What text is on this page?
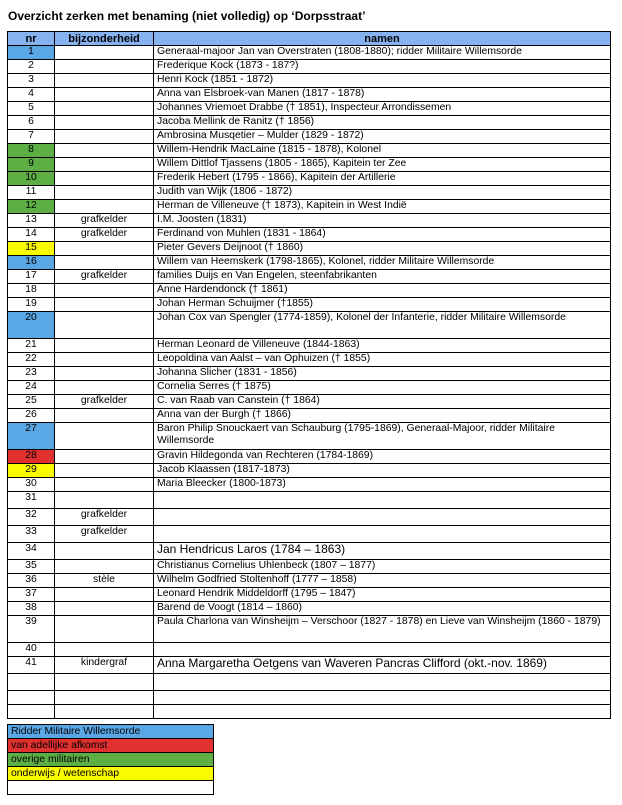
Overzicht zerken met benaming (niet volledig) op ‘Dorpsstraat’
nr	bijzonderheid	namen
1		Generaal-majoor Jan van Overstraten (1808-1880); ridder Militaire Willemsorde
2		Frederique Kock (1873 - 187?)
3		Henri Kock (1851 - 1872)
4		Anna van Elsbroek-van Manen (1817 - 1878)
5		Johannes Vriemoet Drabbe († 1851), Inspecteur Arrondissemen
6		Jacoba Mellink de Ranitz († 1856)
7		Ambrosina Musqetier – Mulder (1829 - 1872)
8		Willem-Hendrik MacLaine (1815 - 1878), Kolonel
9		Willem Dittlof Tjassens (1805 - 1865), Kapitein ter Zee
10		Frederik Hebert (1795 - 1866), Kapitein der Artillerie
11		Judith van Wijk (1806 - 1872)
12		Herman de Villeneuve († 1873), Kapitein in West Indië
13	grafkelder	I.M. Joosten (1831)
14	grafkelder	Ferdinand von Muhlen (1831 - 1864)
15		Pieter Gevers Deijnoot († 1860)
16		Willem van Heemskerk (1798-1865), Kolonel, ridder Militaire Willemsorde
17	grafkelder	families Duijs en Van Engelen, steenfabrikanten
18		Anne Hardendonck († 1861)
19		Johan Herman Schuijmer (†1855)
20		Johan Cox van Spengler (1774-1859), Kolonel der Infanterie, ridder Militaire Willemsorde
21		Herman Leonard de Villeneuve (1844-1863)
22		Leopoldina van Aalst – van Ophuizen († 1855)
23		Johanna Slicher (1831 - 1856)
24		Cornelia Serres († 1875)
25	grafkelder	C. van Raab van Canstein († 1864)
26		Anna van der Burgh († 1866)
27		Baron Philip Snouckaert van Schauburg (1795-1869), Generaal-Majoor, ridder Militaire Willemsorde
28		Gravin Hildegonda van Rechteren (1784-1869)
29		Jacob Klaassen (1817-1873)
30		Maria Bleecker (1800-1873)
31		
32	grafkelder	
33	grafkelder	
34		Jan Hendricus Laros (1784 – 1863)
35		Christianus Cornelius Uhlenbeck (1807 – 1877)
36	stèle	Wilhelm Godfried Stoltenhoff (1777 – 1858)
37		Leonard Hendrik Middeldorff (1795 – 1847)
38		Barend de Voogt (1814 – 1860)
39		Paula Charlona van Winsheijm – Verschoor (1827 - 1878) en Lieve van Winsheijm (1860 - 1879)
40		
41	kindergraf	Anna Margaretha Oetgens van Waveren Pancras Clifford (okt.-nov. 1869)

Ridder Militaire Willemsorde
van adellijke afkomst
overige militairen
onderwijs / wetenschap
